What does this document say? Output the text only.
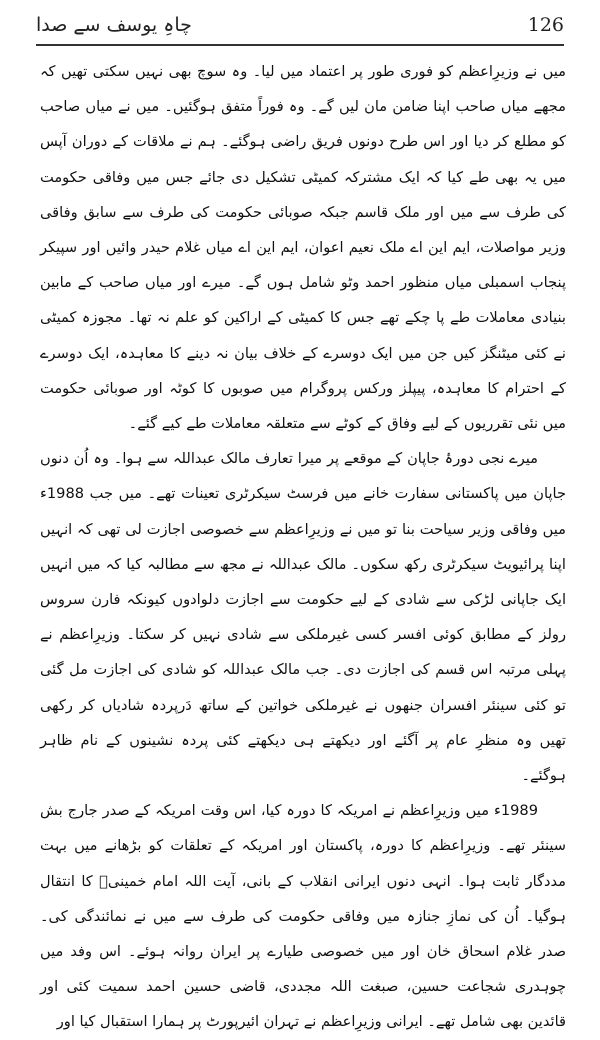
چاہِ یوسف سے صدا	126

میں نے وزیرِاعظم کو فوری طور پر اعتماد میں لیا۔ وہ سوچ بھی نہیں سکتی تھیں کہ مجھے میاں صاحب اپنا ضامن مان لیں گے۔ وہ فوراً متفق ہوگئیں۔ میں نے میاں صاحب کو مطلع کر دیا اور اس طرح دونوں فریق راضی ہوگئے۔ ہم نے ملاقات کے دوران آپس میں یہ بھی طے کیا کہ ایک مشترکہ کمیٹی تشکیل دی جائے جس میں وفاقی حکومت کی طرف سے میں اور ملک قاسم جبکہ صوبائی حکومت کی طرف سے سابق وفاقی وزیر مواصلات، ایم این اے ملک نعیم اعوان، ایم این اے میاں غلام حیدر وائیں اور سپیکر پنجاب اسمبلی میاں منظور احمد وٹو شامل ہوں گے۔ میرے اور میاں صاحب کے مابین بنیادی معاملات طے پا چکے تھے جس کا کمیٹی کے اراکین کو علم نہ تھا۔ مجوزہ کمیٹی نے کئی میٹنگز کیں جن میں ایک دوسرے کے خلاف بیان نہ دینے کا معاہدہ، ایک دوسرے کے احترام کا معاہدہ، پیپلز ورکس پروگرام میں صوبوں کا کوٹہ اور صوبائی حکومت میں نئی تقرریوں کے لیے وفاق کے کوٹے سے متعلقہ معاملات طے کیے گئے۔

میرے نجی دورۂ جاپان کے موقعے پر میرا تعارف مالک عبداللہ سے ہوا۔ وہ اُن دنوں جاپان میں پاکستانی سفارت خانے میں فرسٹ سیکرٹری تعینات تھے۔ میں جب 1988ء میں وفاقی وزیر سیاحت بنا تو میں نے وزیرِاعظم سے خصوصی اجازت لی تھی کہ انہیں اپنا پرائیویٹ سیکرٹری رکھ سکوں۔ مالک عبداللہ نے مجھ سے مطالبہ کیا کہ میں انہیں ایک جاپانی لڑکی سے شادی کے لیے حکومت سے اجازت دلوادوں کیونکہ فارن سروس رولز کے مطابق کوئی افسر کسی غیرملکی سے شادی نہیں کر سکتا۔ وزیرِاعظم نے پہلی مرتبہ اس قسم کی اجازت دی۔ جب مالک عبداللہ کو شادی کی اجازت مل گئی تو کئی سینئر افسران جنھوں نے غیرملکی خواتین کے ساتھ دَرپردہ شادیاں کر رکھی تھیں وہ منظرِ عام پر آگئے اور دیکھتے ہی دیکھتے کئی پردہ نشینوں کے نام ظاہر ہوگئے۔

1989ء میں وزیرِاعظم نے امریکہ کا دورہ کیا، اس وقت امریکہ کے صدر جارج بش سینئر تھے۔ وزیرِاعظم کا دورہ، پاکستان اور امریکہ کے تعلقات کو بڑھانے میں بہت مددگار ثابت ہوا۔ انہی دنوں ایرانی انقلاب کے بانی، آیت اللہ امام خمینیؒ کا انتقال ہوگیا۔ اُن کی نمازِ جنازہ میں وفاقی حکومت کی طرف سے میں نے نمائندگی کی۔ صدر غلام اسحاق خان اور میں خصوصی طیارے پر ایران روانہ ہوئے۔ اس وفد میں چوہدری شجاعت حسین، صبغت اللہ مجددی، قاضی حسین احمد سمیت کئی اور قائدین بھی شامل تھے۔ ایرانی وزیرِاعظم نے تہران ائیرپورٹ پر ہمارا استقبال کیا اور
